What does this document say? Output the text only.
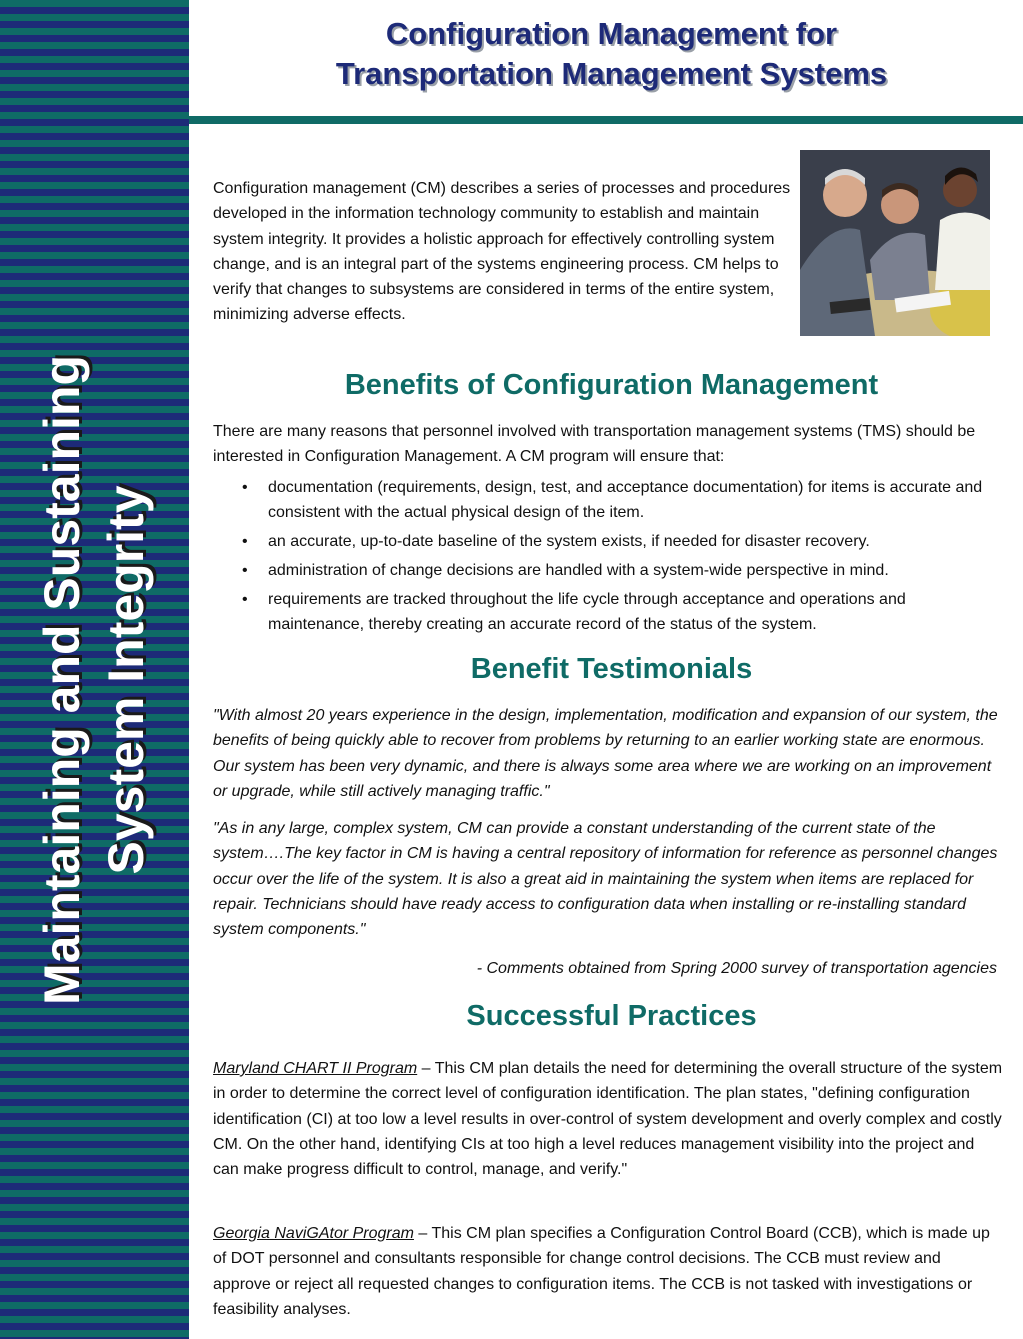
Maintaining and Sustaining System Integrity
Configuration Management for
Transportation Management Systems

Configuration management (CM) describes a series of processes and procedures developed in the information technology community to establish and maintain system integrity. It provides a holistic approach for effectively controlling system change, and is an integral part of the systems engineering process. CM helps to verify that changes to subsystems are considered in terms of the entire system, minimizing adverse effects.

Benefits of Configuration Management

There are many reasons that personnel involved with transportation management systems (TMS) should be interested in Configuration Management. A CM program will ensure that:

• documentation (requirements, design, test, and acceptance documentation) for items is accurate and consistent with the actual physical design of the item.
• an accurate, up-to-date baseline of the system exists, if needed for disaster recovery.
• administration of change decisions are handled with a system-wide perspective in mind.
• requirements are tracked throughout the life cycle through acceptance and operations and maintenance, thereby creating an accurate record of the status of the system.
Benefit Testimonials

"With almost 20 years experience in the design, implementation, modification and expansion of our system, the benefits of being quickly able to recover from problems by returning to an earlier working state are enormous. Our system has been very dynamic, and there is always some area where we are working on an improvement or upgrade, while still actively managing traffic."

"As in any large, complex system, CM can provide a constant understanding of the current state of the system….The key factor in CM is having a central repository of information for reference as personnel changes occur over the life of the system. It is also a great aid in maintaining the system when items are replaced for repair. Technicians should have ready access to configuration data when installing or re-installing standard system components."

- Comments obtained from Spring 2000 survey of transportation agencies
Successful Practices

Maryland CHART II Program – This CM plan details the need for determining the overall structure of the system in order to determine the correct level of configuration identification. The plan states, "defining configuration identification (CI) at too low a level results in over-control of system development and overly complex and costly CM. On the other hand, identifying CIs at too high a level reduces management visibility into the project and can make progress difficult to control, manage, and verify."

Georgia NaviGAtor Program – This CM plan specifies a Configuration Control Board (CCB), which is made up of DOT personnel and consultants responsible for change control decisions. The CCB must review and approve or reject all requested changes to configuration items. The CCB is not tasked with investigations or feasibility analyses.
